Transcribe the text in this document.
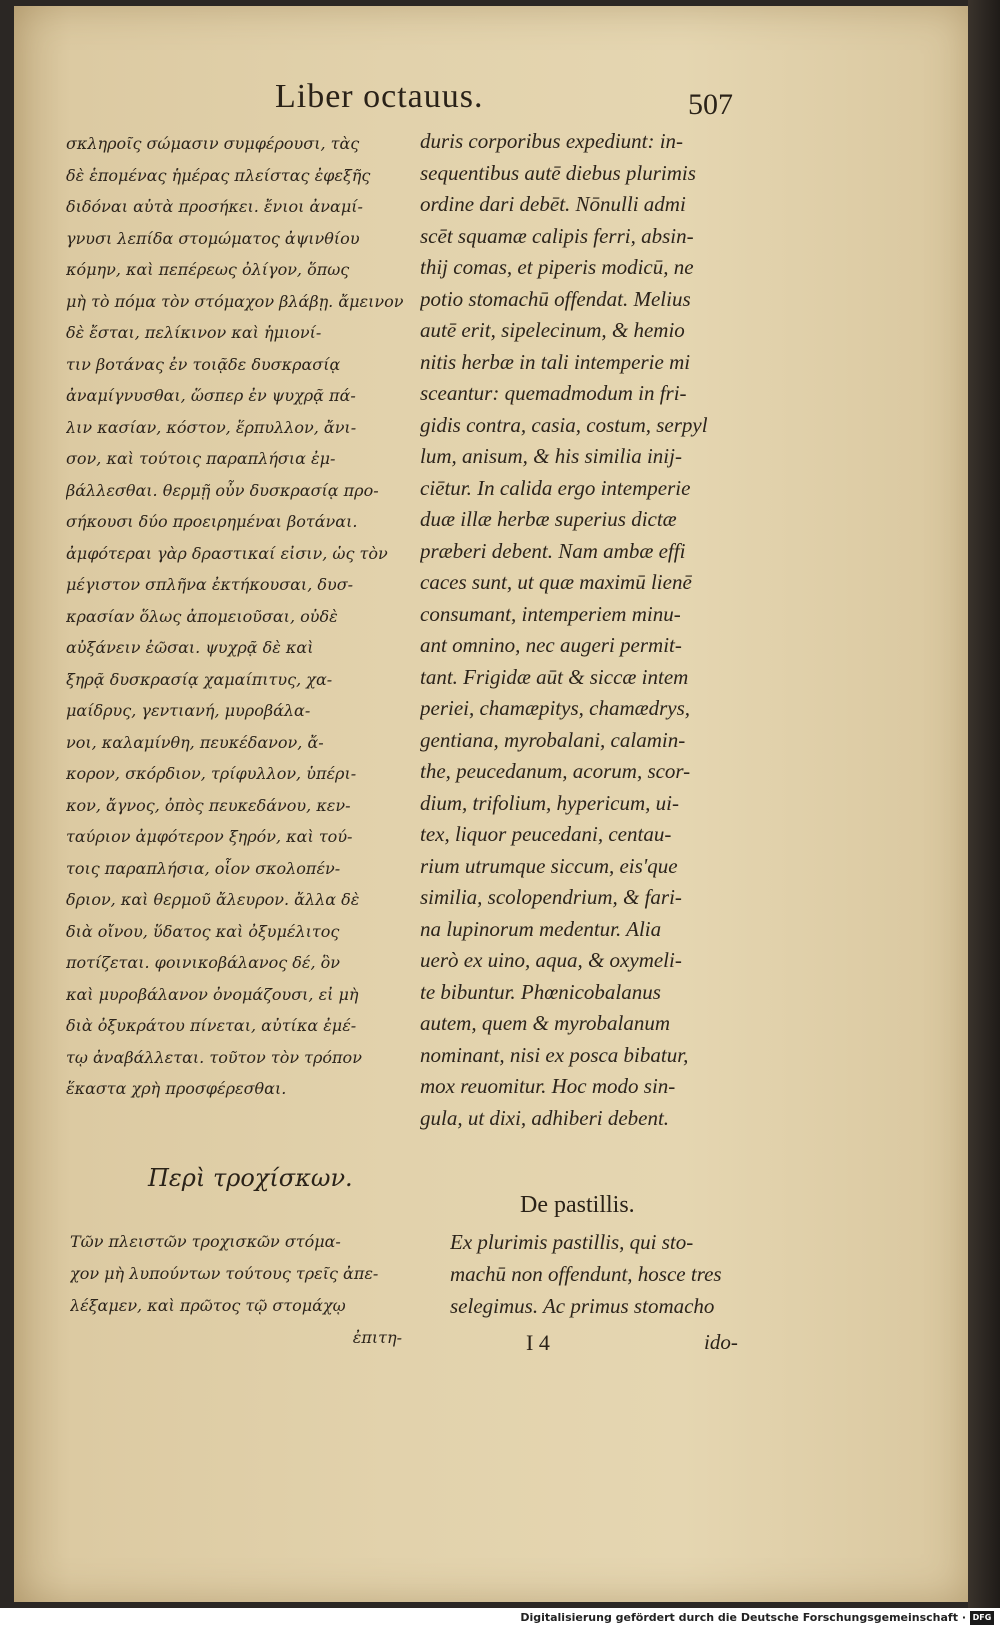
Liber octauus.	507
σκληροῖς σώμασιν συμφέρουσι, τὰς
δὲ ἑπομένας ἡμέρας πλείστας ἐφεξῆς
διδόναι αὐτὰ προσήκει. ἔνιοι ἀναμί-
γνυσι λεπίδα στομώματος ἀψινθίου
κόμην, καὶ πεπέρεως ὀλίγον, ὅπως
μὴ τὸ πόμα τὸν στόμαχον βλάβῃ. ἄμεινον
δὲ ἔσται, πελίκινον καὶ ἡμιονί-
τιν βοτάνας ἐν τοιᾷδε δυσκρασίᾳ
ἀναμίγνυσθαι, ὥσπερ ἐν ψυχρᾷ πά-
λιν κασίαν, κόστον, ἕρπυλλον, ἄνι-
σον, καὶ τούτοις παραπλήσια ἐμ-
βάλλεσθαι. θερμῇ οὖν δυσκρασίᾳ προ-
σήκουσι δύο προειρημέναι βοτάναι.
ἀμφότεραι γὰρ δραστικαί εἰσιν, ὡς τὸν
μέγιστον σπλῆνα ἐκτήκουσαι, δυσ-
κρασίαν ὅλως ἀπομειοῦσαι, οὐδὲ
αὐξάνειν ἐῶσαι. ψυχρᾷ δὲ καὶ
ξηρᾷ δυσκρασίᾳ χαμαίπιτυς, χα-
μαίδρυς, γεντιανή, μυροβάλα-
νοι, καλαμίνθη, πευκέδανον, ἄ-
κορον, σκόρδιον, τρίφυλλον, ὑπέρι-
κον, ἄγνος, ὀπὸς πευκεδάνου, κεν-
ταύριον ἀμφότερον ξηρόν, καὶ τού-
τοις παραπλήσια, οἷον σκολοπέν-
δριον, καὶ θερμοῦ ἄλευρον. ἄλλα δὲ
διὰ οἴνου, ὕδατος καὶ ὀξυμέλιτος
ποτίζεται. φοινικοβάλανος δέ, ὃν
καὶ μυροβάλανον ὀνομάζουσι, εἰ μὴ
διὰ ὀξυκράτου πίνεται, αὐτίκα ἐμέ-
τῳ ἀναβάλλεται. τοῦτον τὸν τρόπον
ἕκαστα χρὴ προσφέρεσθαι.
duris corporibus expediunt: in-
sequentibus autē diebus plurimis
ordine dari debēt. Nōnulli admi
scēt squamæ calipis ferri, absin-
thij comas, et piperis modicū, ne
potio stomachū offendat. Melius
autē erit, sipelecinum, & hemio
nitis herbæ in tali intemperie mi
sceantur: quemadmodum in fri-
gidis contra, casia, costum, serpyl
lum, anisum, & his similia inij-
ciētur. In calida ergo intemperie
duæ illæ herbæ superius dictæ
præberi debent. Nam ambæ effi
caces sunt, ut quæ maximū lienē
consumant, intemperiem minu-
ant omnino, nec augeri permit-
tant. Frigidæ aūt & siccæ intem
periei, chamæpitys, chamædrys,
gentiana, myrobalani, calamin-
the, peucedanum, acorum, scor-
dium, trifolium, hypericum, ui-
tex, liquor peucedani, centau-
rium utrumque siccum, eis'que
similia, scolopendrium, & fari-
na lupinorum medentur. Alia
uerò ex uino, aqua, & oxymeli-
te bibuntur. Phœnicobalanus
autem, quem & myrobalanum
nominant, nisi ex posca bibatur,
mox reuomitur. Hoc modo sin-
gula, ut dixi, adhiberi debent.
Περὶ τροχίσκων.
Τῶν πλειστῶν τροχισκῶν στόμα-
χον μὴ λυπούντων τούτους τρεῖς ἀπε-
λέξαμεν, καὶ πρῶτος τῷ στομάχῳ
ἐπιτη-
De pastillis.
Ex plurimis pastillis, qui sto-
machū non offendunt, hosce tres
selegimus. Ac primus stomacho
I 4	ido-
Digitalisierung gefördert durch die Deutsche Forschungsgemeinschaft · DFG
